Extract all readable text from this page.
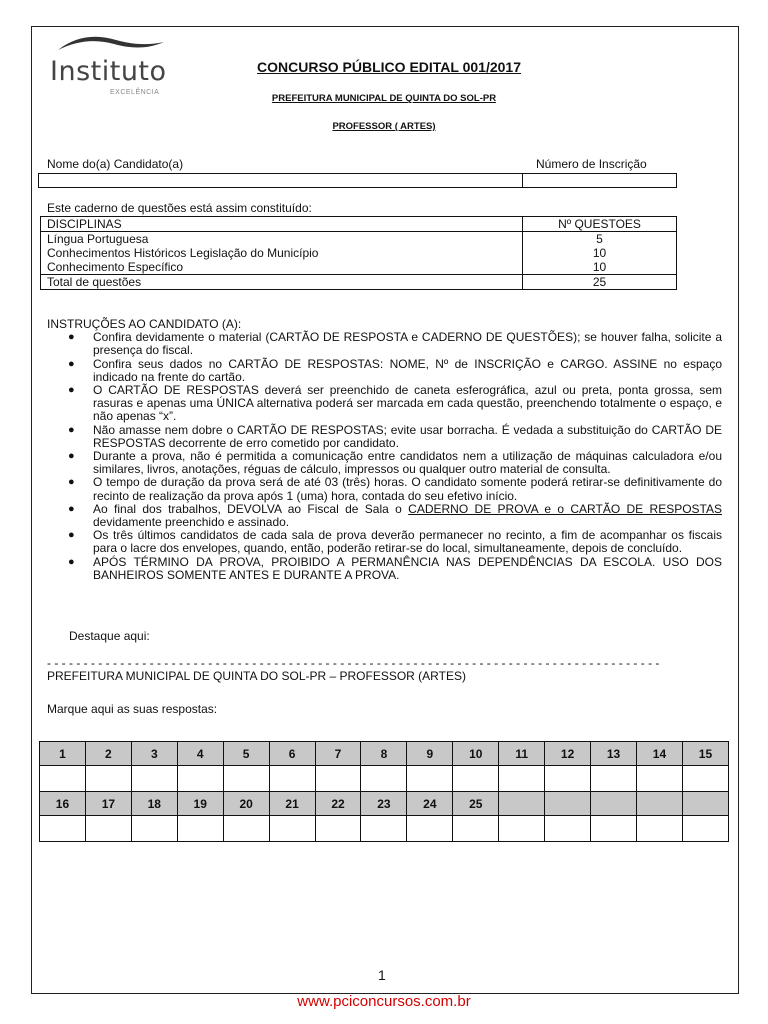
Instituto
EXCELÊNCIA
CONCURSO PÚBLICO EDITAL 001/2017
PREFEITURA MUNICIPAL DE QUINTA DO SOL-PR
PROFESSOR ( ARTES)
Nome do(a) Candidato(a)	Número de Inscrição
Este caderno de questões está assim constituído:
DISCIPLINAS	Nº QUESTOES
Língua Portuguesa	5
Conhecimentos Históricos Legislação do Município	10
Conhecimento Específico	10
Total de questões	25
INSTRUÇÕES AO CANDIDATO (A):
● Confira devidamente o material (CARTÃO DE RESPOSTA e CADERNO DE QUESTÕES); se houver falha, solicite a presença do fiscal.
● Confira seus dados no CARTÃO DE RESPOSTAS: NOME, Nº de INSCRIÇÃO e CARGO. ASSINE no espaço indicado na frente do cartão.
● O CARTÃO DE RESPOSTAS deverá ser preenchido de caneta esferográfica, azul ou preta, ponta grossa, sem rasuras e apenas uma ÚNICA alternativa poderá ser marcada em cada questão, preenchendo totalmente o espaço, e não apenas “x”.
● Não amasse nem dobre o CARTÃO DE RESPOSTAS; evite usar borracha. É vedada a substituição do CARTÃO DE RESPOSTAS decorrente de erro cometido por candidato.
● Durante a prova, não é permitida a comunicação entre candidatos nem a utilização de máquinas calculadora e/ou similares, livros, anotações, réguas de cálculo, impressos ou qualquer outro material de consulta.
● O tempo de duração da prova será de até 03 (três) horas. O candidato somente poderá retirar-se definitivamente do recinto de realização da prova após 1 (uma) hora, contada do seu efetivo início.
● Ao final dos trabalhos, DEVOLVA ao Fiscal de Sala o CADERNO DE PROVA e o CARTÃO DE RESPOSTAS devidamente preenchido e assinado.
● Os três últimos candidatos de cada sala de prova deverão permanecer no recinto, a fim de acompanhar os fiscais para o lacre dos envelopes, quando, então, poderão retirar-se do local, simultaneamente, depois de concluído.
● APÓS TÉRMINO DA PROVA, PROIBIDO A PERMANÊNCIA NAS DEPENDÊNCIAS DA ESCOLA. USO DOS BANHEIROS SOMENTE ANTES E DURANTE A PROVA.
Destaque aqui:
- - - - - - - - - - - - - - - - - - - - - - - - - - - - - - - - - - - - - - - - - - - - - - - - - - - - - - - - - - - - - - - - - - - - - - - - - - - - - - - - - - - -
PREFEITURA MUNICIPAL DE QUINTA DO SOL-PR – PROFESSOR (ARTES)
Marque aqui as suas respostas:
1	2	3	4	5	6	7	8	9	10	11	12	13	14	15

16	17	18	19	20	21	22	23	24	25					

1
www.pciconcursos.com.br
